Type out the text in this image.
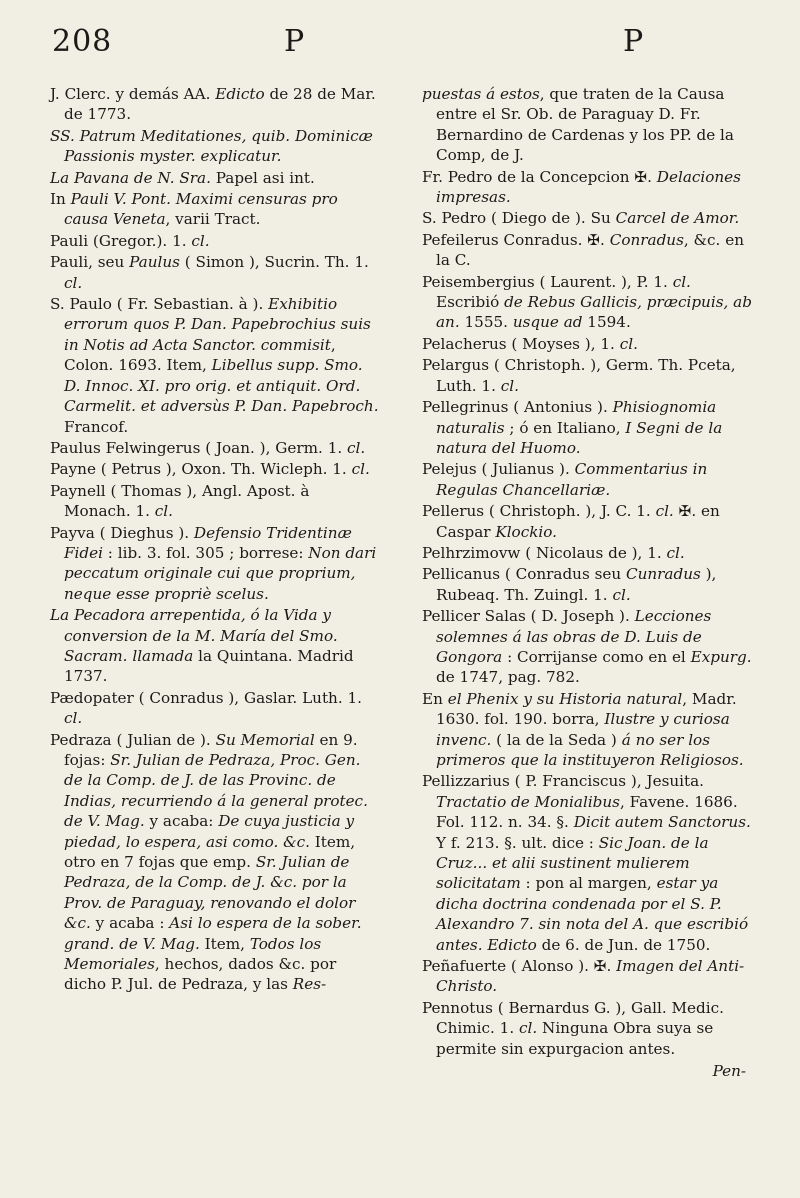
208	P	P

J. Clerc. y demás AA. Edicto de 28 de Mar. de 1773.

SS. Patrum Meditationes, quib. Dominicæ Passionis myster. explicatur.

La Pavana de N. Sra. Papel asi int.

In Pauli V. Pont. Maximi censuras pro causa Veneta, varii Tract.

Pauli (Gregor.). 1. cl.

Pauli, seu Paulus ( Simon ), Sucrin. Th. 1. cl.

S. Paulo ( Fr. Sebastian. à ). Exhibitio errorum quos P. Dan. Papebrochius suis in Notis ad Acta Sanctor. commisit, Colon. 1693. Item, Libellus supp. Smo. D. Innoc. XI. pro orig. et antiquit. Ord. Carmelit. et adversùs P. Dan. Papebroch. Francof.

Paulus Felwingerus ( Joan. ), Germ. 1. cl.

Payne ( Petrus ), Oxon. Th. Wicleph. 1. cl.

Paynell ( Thomas ), Angl. Apost. à Monach. 1. cl.

Payva ( Dieghus ). Defensio Tridentinæ Fidei : lib. 3. fol. 305 ; borrese: Non dari peccatum originale cui que proprium, neque esse propriè scelus.

La Pecadora arrepentida, ó la Vida y conversion de la M. María del Smo. Sacram. llamada la Quintana. Madrid 1737.

Pædopater ( Conradus ), Gaslar. Luth. 1. cl.

Pedraza ( Julian de ). Su Memorial en 9. fojas: Sr. Julian de Pedraza, Proc. Gen. de la Comp. de J. de las Provinc. de Indias, recurriendo á la general protec. de V. Mag. y acaba: De cuya justicia y piedad, lo espera, asi como. &c. Item, otro en 7 fojas que emp. Sr. Julian de Pedraza, de la Comp. de J. &c. por la Prov. de Paraguay, renovando el dolor &c. y acaba : Asi lo espera de la sober. grand. de V. Mag. Item, Todos los Memoriales, hechos, dados &c. por dicho P. Jul. de Pedraza, y las Res-

puestas á estos, que traten de la Causa entre el Sr. Ob. de Paraguay D. Fr. Bernardino de Cardenas y los PP. de la Comp, de J.

Fr. Pedro de la Concepcion ✠. Delaciones impresas.

S. Pedro ( Diego de ). Su Carcel de Amor.

Pefeilerus Conradus. ✠. Conradus, &c. en la C.

Peisembergius ( Laurent. ), P. 1. cl. Escribió de Rebus Gallicis, præcipuis, ab an. 1555. usque ad 1594.

Pelacherus ( Moyses ), 1. cl.

Pelargus ( Christoph. ), Germ. Th. Pceta, Luth. 1. cl.

Pellegrinus ( Antonius ). Phisiognomia naturalis ; ó en Italiano, I Segni de la natura del Huomo.

Pelejus ( Julianus ). Commentarius in Regulas Chancellariæ.

Pellerus ( Christoph. ), J. C. 1. cl. ✠. en Caspar Klockio.

Pelhrzimovw ( Nicolaus de ), 1. cl.

Pellicanus ( Conradus seu Cunradus ), Rubeaq. Th. Zuingl. 1. cl.

Pellicer Salas ( D. Joseph ). Lecciones solemnes á las obras de D. Luis de Gongora : Corrijanse como en el Expurg. de 1747, pag. 782.

En el Phenix y su Historia natural, Madr. 1630. fol. 190. borra, Ilustre y curiosa invenc. ( la de la Seda ) á no ser los primeros que la instituyeron Religiosos.

Pellizzarius ( P. Franciscus ), Jesuita. Tractatio de Monialibus, Favene. 1686. Fol. 112. n. 34. §. Dicit autem Sanctorus. Y f. 213. §. ult. dice : Sic Joan. de la Cruz... et alii sustinent mulierem solicitatam : pon al margen, estar ya dicha doctrina condenada por el S. P. Alexandro 7. sin nota del A. que escribió antes. Edicto de 6. de Jun. de 1750.

Peñafuerte ( Alonso ). ✠. Imagen del Anti-Christo.

Pennotus ( Bernardus G. ), Gall. Medic. Chimic. 1. cl. Ninguna Obra suya se permite sin expurgacion antes.

Pen-
